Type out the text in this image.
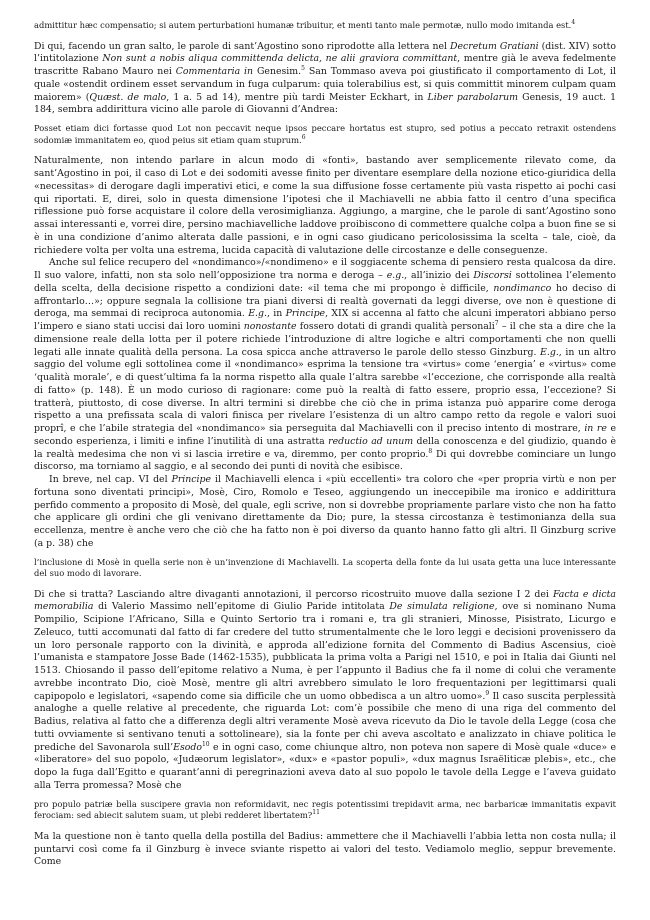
admittitur hæc compensatio; si autem perturbationi humanæ tribuitur, et menti tanto male permotæ, nullo modo imitanda est.$^4$

Di qui, facendo un gran salto, le parole di sant’Agostino sono riprodotte alla lettera nel Decretum Gratiani (dist. XIV) sotto l’intitolazione Non sunt a nobis aliqua committenda delicta, ne alii graviora committant, mentre già le aveva fedelmente trascritte Rabano Mauro nei Commentaria in Genesim.$^5$ San Tommaso aveva poi giustificato il comportamento di Lot, il quale «ostendit ordinem esset servandum in fuga culparum: quia tolerabilius est, si quis committit minorem culpam quam maiorem» (Quæst. de malo, 1 a. 5 ad 14), mentre più tardi Meister Eckhart, in Liber parabolarum Genesis, 19 auct. 1 184, sembra addirittura vicino alle parole di Giovanni d’Andrea:

Posset etiam dici fortasse quod Lot non peccavit neque ipsos peccare hortatus est stupro, sed potius a peccato retraxit ostendens sodomiæ immanitatem eo, quod peius sit etiam quam stuprum.$^6$

Naturalmente, non intendo parlare in alcun modo di «fonti», bastando aver semplicemente rilevato come, da sant’Agostino in poi, il caso di Lot e dei sodomiti avesse finito per diventare esemplare della nozione etico-giuridica della «necessitas» di derogare dagli imperativi etici, e come la sua diffusione fosse certamente più vasta rispetto ai pochi casi qui riportati. E, direi, solo in questa dimensione l’ipotesi che il Machiavelli ne abbia fatto il centro d’una specifica riflessione può forse acquistare il colore della verosimiglianza. Aggiungo, a margine, che le parole di sant’Agostino sono assai interessanti e, vorrei dire, persino machiavelliche laddove proibiscono di commettere qualche colpa a buon fine se si è in una condizione d’animo alterata dalle passioni, e in ogni caso giudicano pericolosissima la scelta – tale, cioè, da richiedere volta per volta una estrema, lucida capacità di valutazione delle circostanze e delle conseguenze.

Anche sul felice recupero del «nondimanco»/«nondimeno» e il soggiacente schema di pensiero resta qualcosa da dire. Il suo valore, infatti, non sta solo nell’opposizione tra norma e deroga – e.g., all’inizio dei Discorsi sottolinea l’elemento della scelta, della decisione rispetto a condizioni date: «il tema che mi propongo è difficile, nondimanco ho deciso di affrontarlo…»; oppure segnala la collisione tra piani diversi di realtà governati da leggi diverse, ove non è questione di deroga, ma semmai di reciproca autonomia. E.g., in Principe, XIX si accenna al fatto che alcuni imperatori abbiano perso l’impero e siano stati uccisi dai loro uomini nonostante fossero dotati di grandi qualità personali$^7$ – il che sta a dire che la dimensione reale della lotta per il potere richiede l’introduzione di altre logiche e altri comportamenti che non quelli legati alle innate qualità della persona. La cosa spicca anche attraverso le parole dello stesso Ginzburg. E.g., in un altro saggio del volume egli sottolinea come il «nondimanco» esprima la tensione tra «virtus» come ‘energia’ e «virtus» come ‘qualità morale’, e di quest’ultima fa la norma rispetto alla quale l’altra sarebbe «l’eccezione, che corrisponde alla realtà di fatto» (p. 148). È un modo curioso di ragionare: come può la realtà di fatto essere, proprio essa, l’eccezione? Si tratterà, piuttosto, di cose diverse. In altri termini si direbbe che ciò che in prima istanza può apparire come deroga rispetto a una prefissata scala di valori finisca per rivelare l’esistenza di un altro campo retto da regole e valori suoi proprî, e che l’abile strategia del «nondimanco» sia perseguita dal Machiavelli con il preciso intento di mostrare, in re e secondo esperienza, i limiti e infine l’inutilità di una astratta reductio ad unum della conoscenza e del giudizio, quando è la realtà medesima che non vi si lascia irretire e va, diremmo, per conto proprio.$^8$ Di qui dovrebbe cominciare un lungo discorso, ma torniamo al saggio, e al secondo dei punti di novità che esibisce.

In breve, nel cap. VI del Principe il Machiavelli elenca i «più eccellenti» tra coloro che «per propria virtù e non per fortuna sono diventati principi», Mosè, Ciro, Romolo e Teseo, aggiungendo un ineccepibile ma ironico e addirittura perfido commento a proposito di Mosè, del quale, egli scrive, non si dovrebbe propriamente parlare visto che non ha fatto che applicare gli ordini che gli venivano direttamente da Dio; pure, la stessa circostanza è testimonianza della sua eccellenza, mentre è anche vero che ciò che ha fatto non è poi diverso da quanto hanno fatto gli altri. Il Ginzburg scrive (a p. 38) che

l’inclusione di Mosè in quella serie non è un’invenzione di Machiavelli. La scoperta della fonte da lui usata getta una luce interessante del suo modo di lavorare.

Di che si tratta? Lasciando altre divaganti annotazioni, il percorso ricostruito muove dalla sezione I 2 dei Facta e dicta memorabilia di Valerio Massimo nell’epitome di Giulio Paride intitolata De simulata religione, ove si nominano Numa Pompilio, Scipione l’Africano, Silla e Quinto Sertorio tra i romani e, tra gli stranieri, Minosse, Pisistrato, Licurgo e Zeleuco, tutti accomunati dal fatto di far credere del tutto strumentalmente che le loro leggi e decisioni provenissero da un loro personale rapporto con la divinità, e approda all’edizione fornita del Commento di Badius Ascensius, cioè l’umanista e stampatore Josse Bade (1462-1535), pubblicata la prima volta a Parigi nel 1510, e poi in Italia dai Giunti nel 1513. Chiosando il passo dell’epitome relativo a Numa, è per l’appunto il Badius che fa il nome di colui che veramente avrebbe incontrato Dio, cioè Mosè, mentre gli altri avrebbero simulato le loro frequentazioni per legittimarsi quali capipopolo e legislatori, «sapendo come sia difficile che un uomo obbedisca a un altro uomo».$^9$ Il caso suscita perplessità analoghe a quelle relative al precedente, che riguarda Lot: com’è possibile che meno di una riga del commento del Badius, relativa al fatto che a differenza degli altri veramente Mosè aveva ricevuto da Dio le tavole della Legge (cosa che tutti ovviamente si sentivano tenuti a sottolineare), sia la fonte per chi aveva ascoltato e analizzato in chiave politica le prediche del Savonarola sull’Esodo$^{10}$ e in ogni caso, come chiunque altro, non poteva non sapere di Mosè quale «duce» e «liberatore» del suo popolo, «Judæorum legislator», «dux» e «pastor populi», «dux magnus Israëliticæ plebis», etc., che dopo la fuga dall’Egitto e quarant’anni di peregrinazioni aveva dato al suo popolo le tavole della Legge e l’aveva guidato alla Terra promessa? Mosè che

pro populo patriæ bella suscipere gravia non reformidavit, nec regis potentissimi trepidavit arma, nec barbaricæ immanitatis expavit ferociam: sed abiecit salutem suam, ut plebi redderet libertatem?$^{11}$

Ma la questione non è tanto quella della postilla del Badius: ammettere che il Machiavelli l’abbia letta non costa nulla; il puntarvi così come fa il Ginzburg è invece sviante rispetto ai valori del testo. Vediamolo meglio, seppur brevemente. Come
